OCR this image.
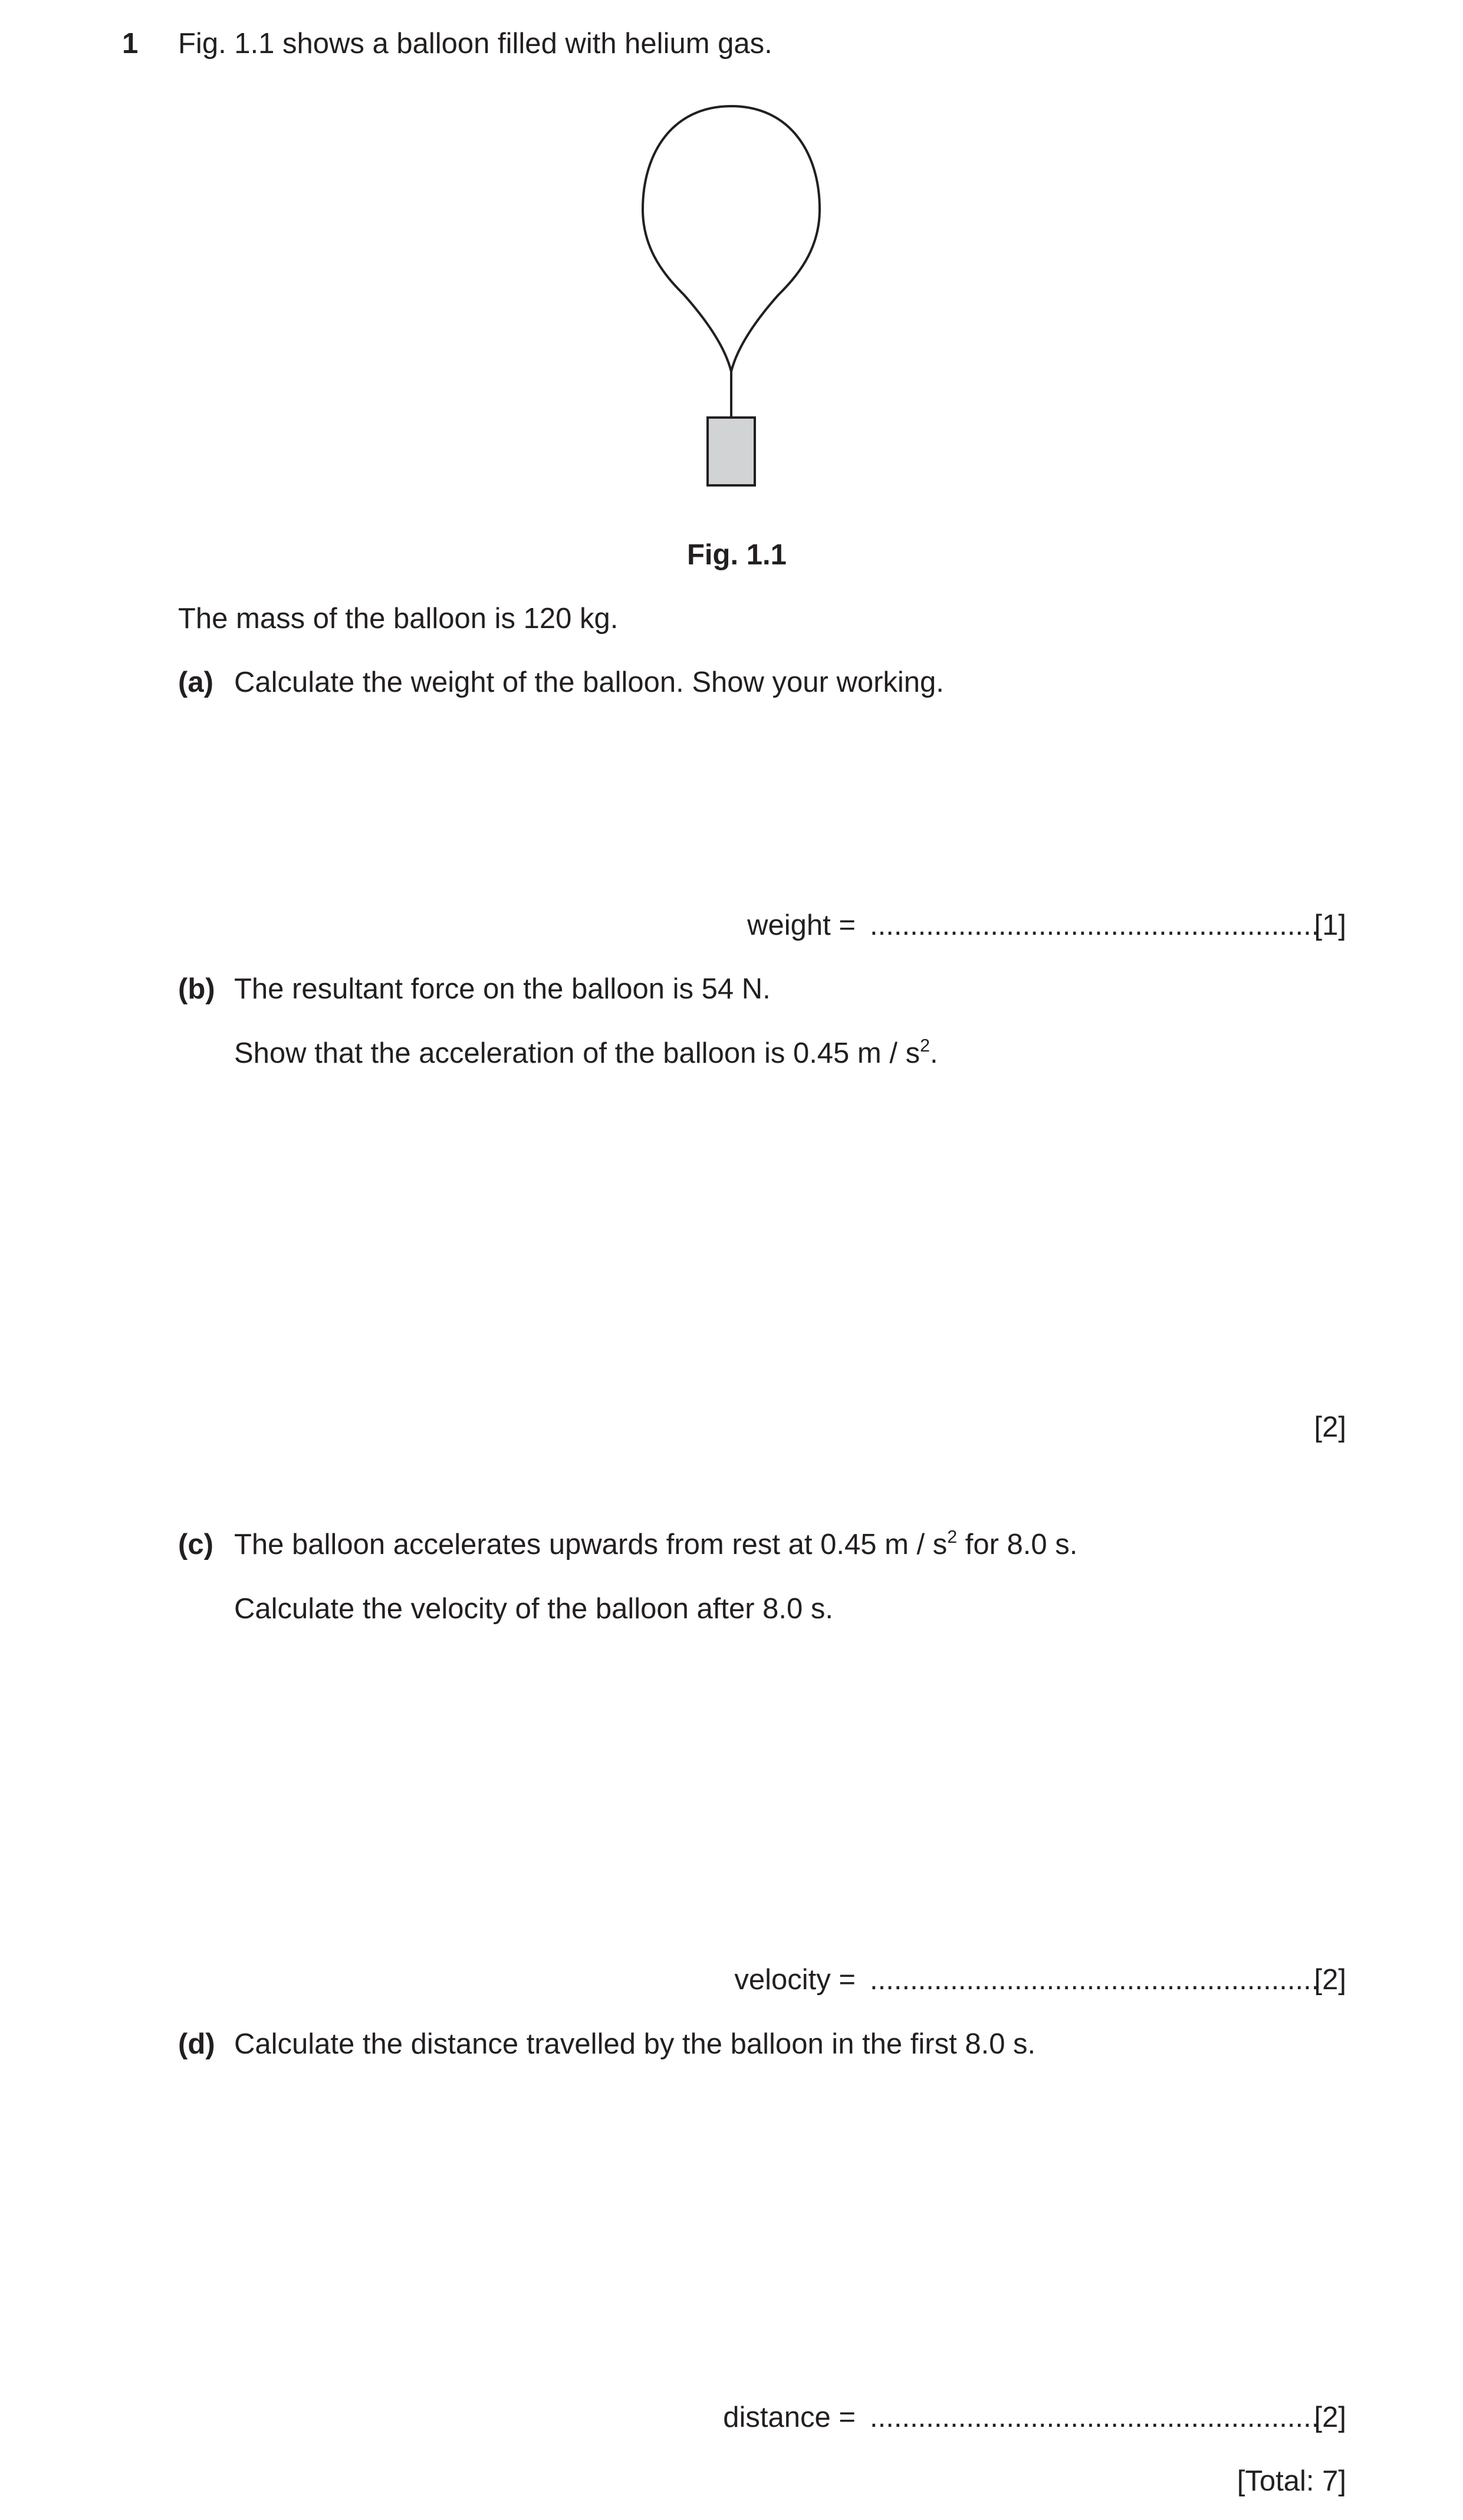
1 Fig. 1.1 shows a balloon filled with helium gas.
Fig. 1.1
The mass of the balloon is 120 kg.
(a) Calculate the weight of the balloon. Show your working.
weight = ........................................................
[1]
(b) The resultant force on the balloon is 54 N.
Show that the acceleration of the balloon is 0.45 m / $s^2$.
[2]
(c) The balloon accelerates upwards from rest at 0.45 m / $s^2$ for 8.0 s.
Calculate the velocity of the balloon after 8.0 s.
velocity = ........................................................
[2]
(d) Calculate the distance travelled by the balloon in the first 8.0 s.
distance = ........................................................
[2]
[Total: 7]
